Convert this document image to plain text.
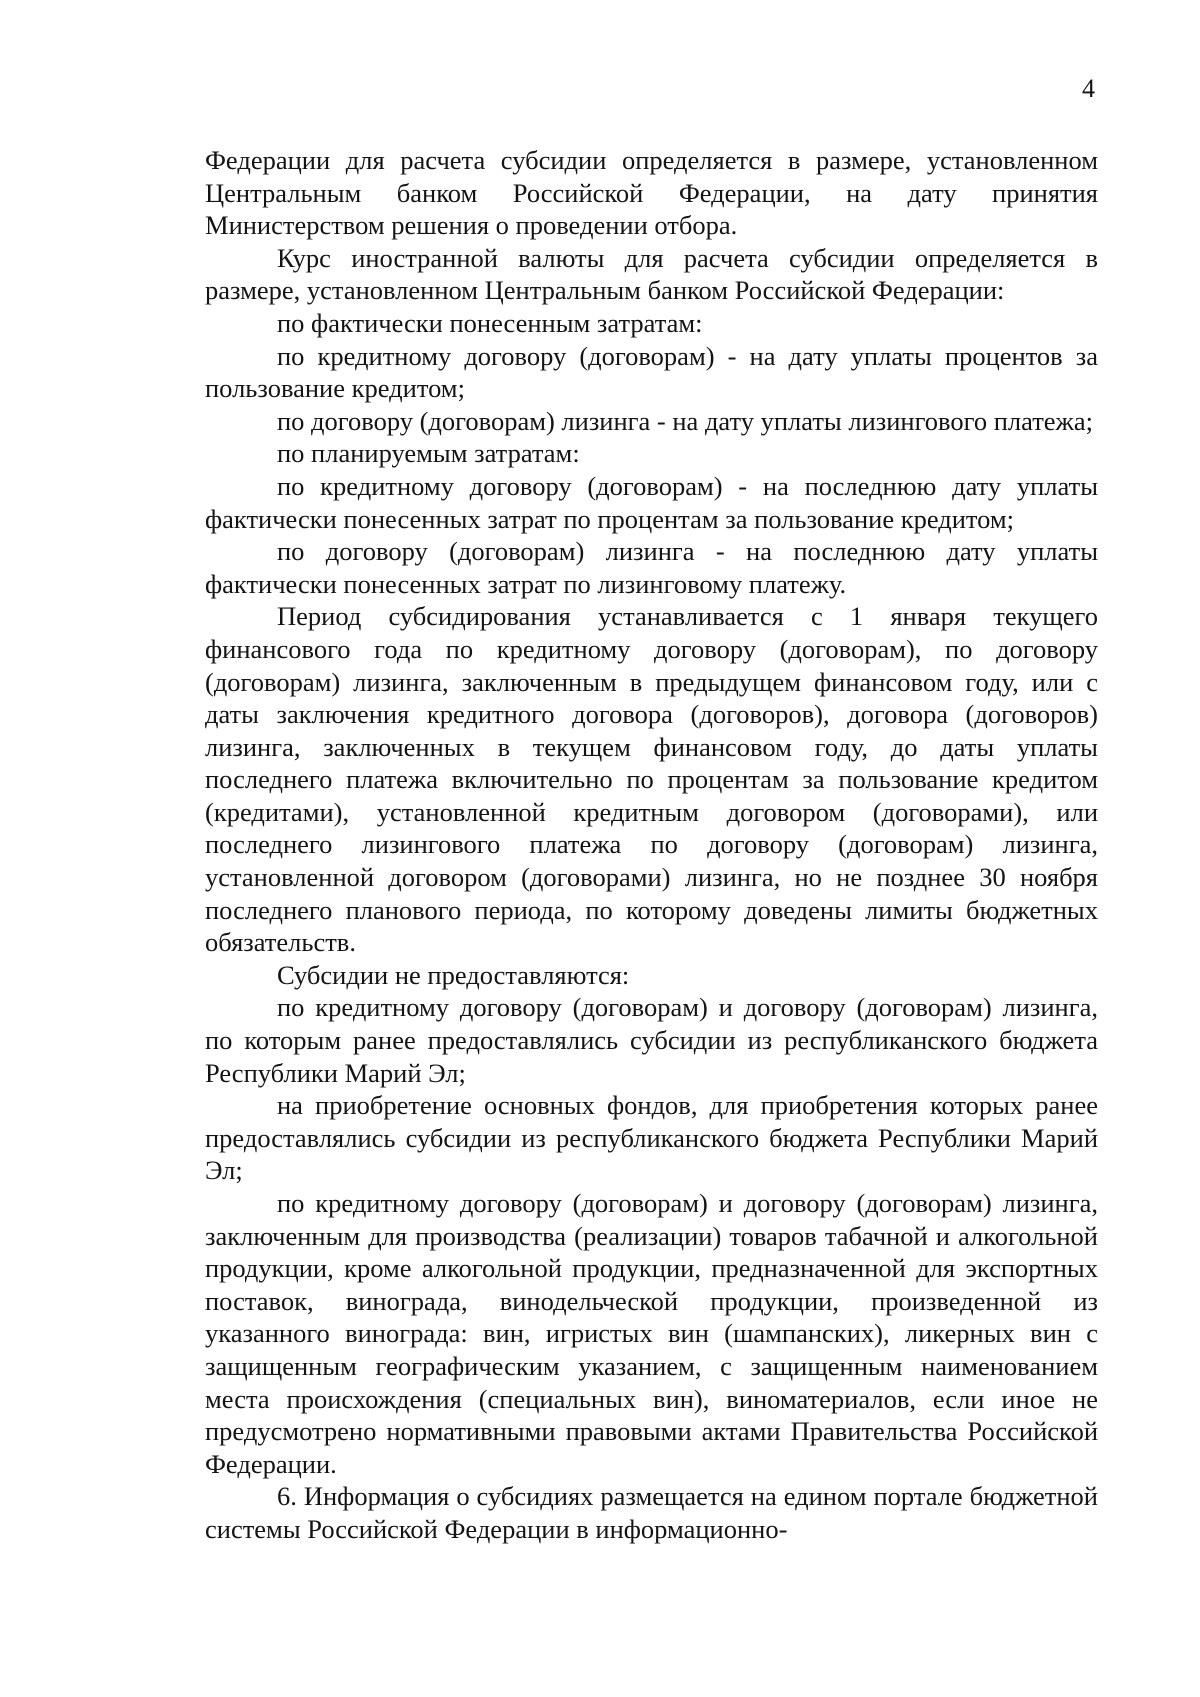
4

Федерации для расчета субсидии определяется в размере, установленном Центральным банком Российской Федерации, на дату принятия Министерством решения о проведении отбора.

Курс иностранной валюты для расчета субсидии определяется в размере, установленном Центральным банком Российской Федерации:

по фактически понесенным затратам:

по кредитному договору (договорам) - на дату уплаты процентов за пользование кредитом;

по договору (договорам) лизинга - на дату уплаты лизингового платежа;

по планируемым затратам:

по кредитному договору (договорам) - на последнюю дату уплаты фактически понесенных затрат по процентам за пользование кредитом;

по договору (договорам) лизинга - на последнюю дату уплаты фактически понесенных затрат по лизинговому платежу.

Период субсидирования устанавливается с 1 января текущего финансового года по кредитному договору (договорам), по договору (договорам) лизинга, заключенным в предыдущем финансовом году, или с даты заключения кредитного договора (договоров), договора (договоров) лизинга, заключенных в текущем финансовом году, до даты уплаты последнего платежа включительно по процентам за пользование кредитом (кредитами), установленной кредитным договором (договорами), или последнего лизингового платежа по договору (договорам) лизинга, установленной договором (договорами) лизинга, но не позднее 30 ноября последнего планового периода, по которому доведены лимиты бюджетных обязательств.

Субсидии не предоставляются:

по кредитному договору (договорам) и договору (договорам) лизинга, по которым ранее предоставлялись субсидии из республиканского бюджета Республики Марий Эл;

на приобретение основных фондов, для приобретения которых ранее предоставлялись субсидии из республиканского бюджета Республики Марий Эл;

по кредитному договору (договорам) и договору (договорам) лизинга, заключенным для производства (реализации) товаров табачной и алкогольной продукции, кроме алкогольной продукции, предназначенной для экспортных поставок, винограда, винодельческой продукции, произведенной из указанного винограда: вин, игристых вин (шампанских), ликерных вин с защищенным географическим указанием, с защищенным наименованием места происхождения (специальных вин), виноматериалов, если иное не предусмотрено нормативными правовыми актами Правительства Российской Федерации.

6. Информация о субсидиях размещается на едином портале бюджетной системы Российской Федерации в информационно-
